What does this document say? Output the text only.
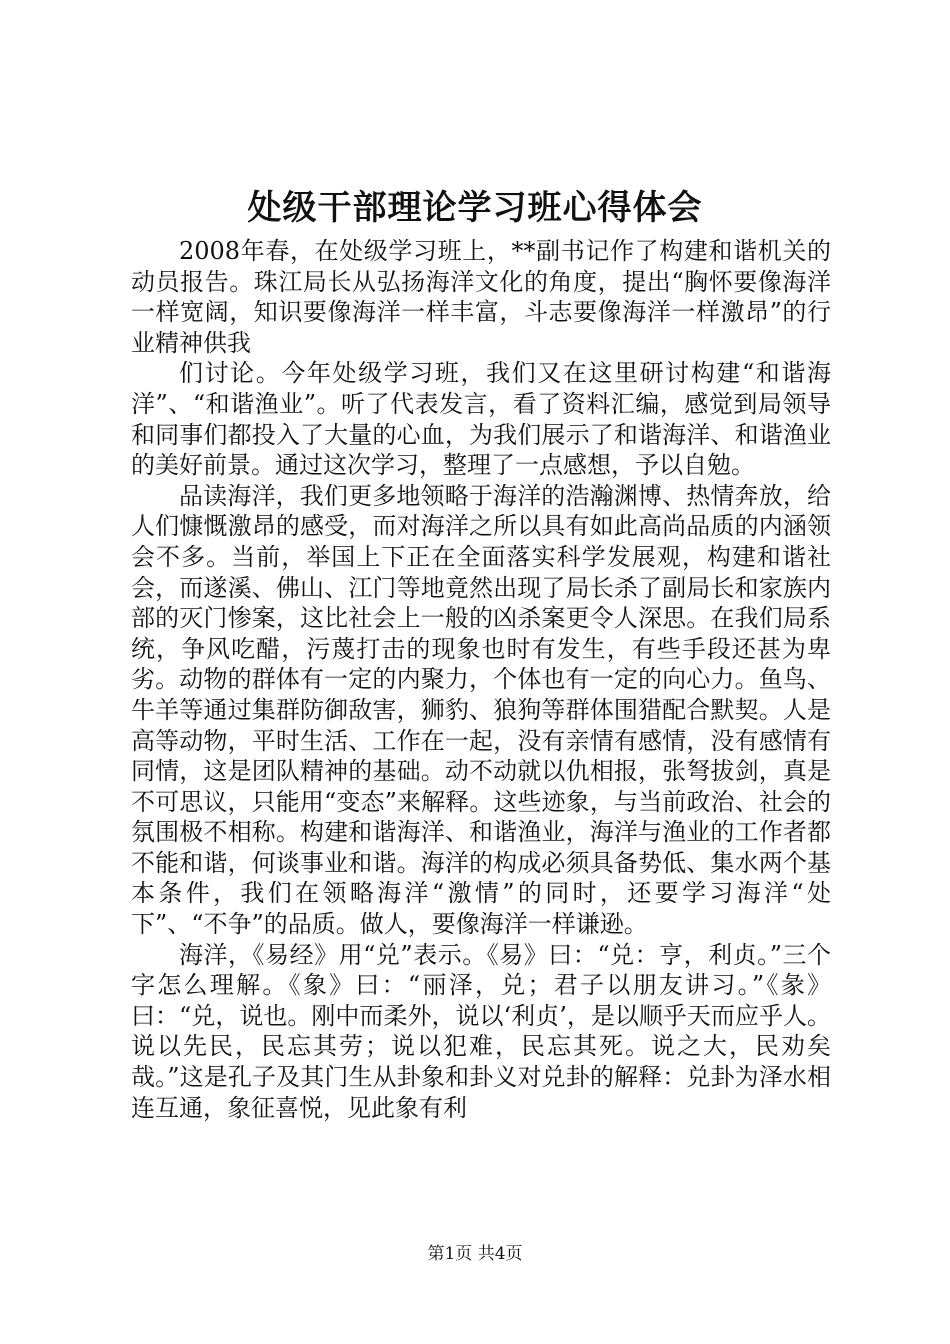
处级干部理论学习班心得体会

2008年春，在处级学习班上，**副书记作了构建和谐机关的动员报告。珠江局长从弘扬海洋文化的角度，提出“胸怀要像海洋一样宽阔，知识要像海洋一样丰富，斗志要像海洋一样激昂”的行业精神供我

们讨论。今年处级学习班，我们又在这里研讨构建“和谐海洋”、“和谐渔业”。听了代表发言，看了资料汇编，感觉到局领导和同事们都投入了大量的心血，为我们展示了和谐海洋、和谐渔业的美好前景。通过这次学习，整理了一点感想，予以自勉。

品读海洋，我们更多地领略于海洋的浩瀚渊博、热情奔放，给人们慷慨激昂的感受，而对海洋之所以具有如此高尚品质的内涵领会不多。当前，举国上下正在全面落实科学发展观，构建和谐社会，而遂溪、佛山、江门等地竟然出现了局长杀了副局长和家族内部的灭门惨案，这比社会上一般的凶杀案更令人深思。在我们局系统，争风吃醋，污蔑打击的现象也时有发生，有些手段还甚为卑劣。动物的群体有一定的内聚力，个体也有一定的向心力。鱼鸟、牛羊等通过集群防御敌害，狮豹、狼狗等群体围猎配合默契。人是高等动物，平时生活、工作在一起，没有亲情有感情，没有感情有同情，这是团队精神的基础。动不动就以仇相报，张弩拔剑，真是不可思议，只能用“变态”来解释。这些迹象，与当前政治、社会的氛围极不相称。构建和谐海洋、和谐渔业，海洋与渔业的工作者都不能和谐，何谈事业和谐。海洋的构成必须具备势低、集水两个基本条件，我们在领略海洋“激情”的同时，还要学习海洋“处下”、“不争”的品质。做人，要像海洋一样谦逊。

海洋，《易经》用“兑”表示。《易》曰：“兑：亨，利贞。”三个字怎么理解。《象》曰：“丽泽，兑；君子以朋友讲习。”《彖》曰：“兑，说也。刚中而柔外，说以‘利贞’，是以顺乎天而应乎人。说以先民，民忘其劳；说以犯难，民忘其死。说之大，民劝矣哉。”这是孔子及其门生从卦象和卦义对兑卦的解释：兑卦为泽水相连互通，象征喜悦，见此象有利

第1页 共4页
